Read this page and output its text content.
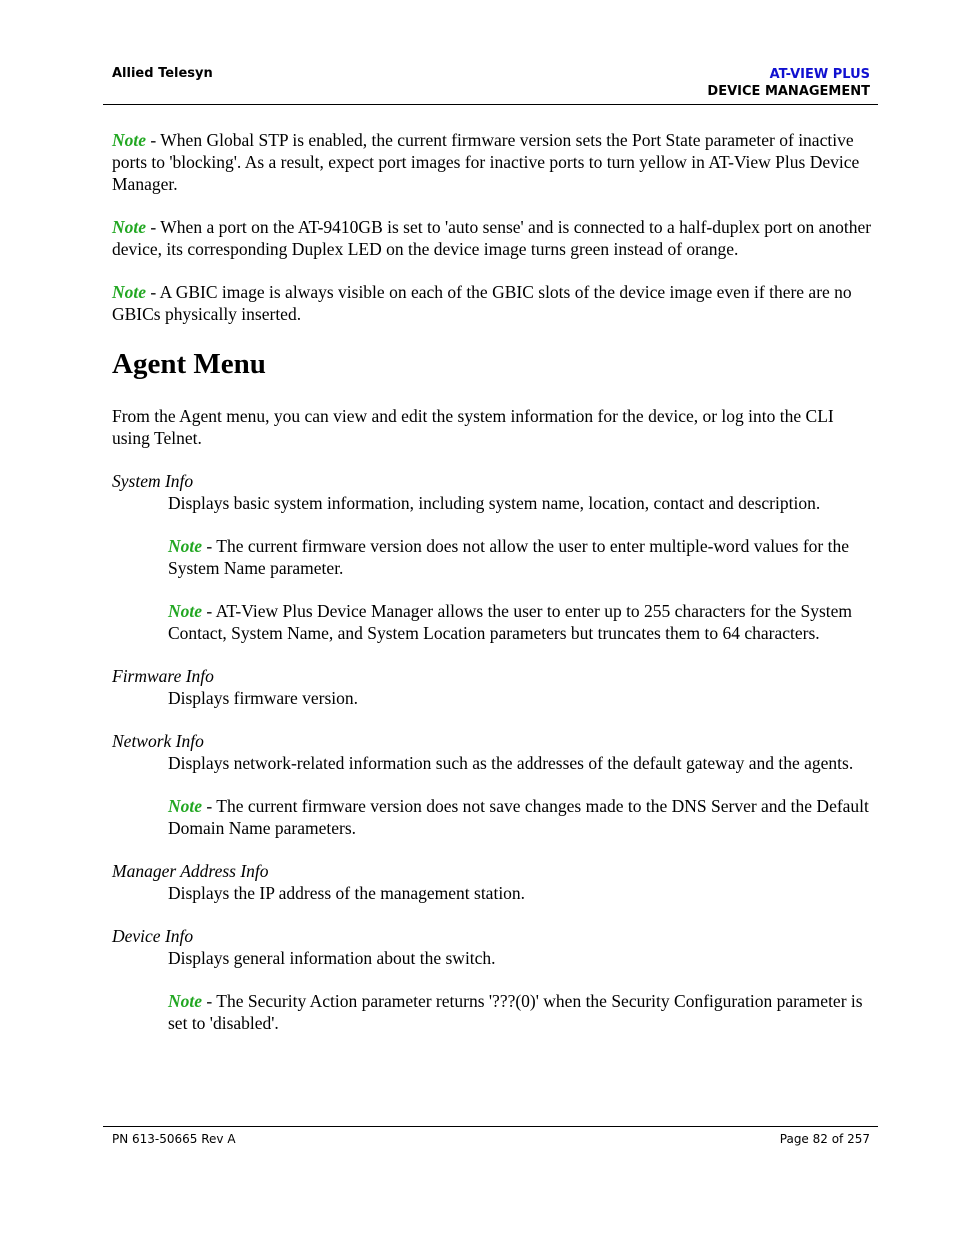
Allied Telesyn	AT-VIEW PLUS
DEVICE MANAGEMENT

Note - When Global STP is enabled, the current firmware version sets the Port State parameter of inactive ports to 'blocking'. As a result, expect port images for inactive ports to turn yellow in AT-View Plus Device Manager.

Note - When a port on the AT-9410GB is set to 'auto sense' and is connected to a half-duplex port on another device, its corresponding Duplex LED on the device image turns green instead of orange.

Note - A GBIC image is always visible on each of the GBIC slots of the device image even if there are no GBICs physically inserted.

Agent Menu

From the Agent menu, you can view and edit the system information for the device, or log into the CLI using Telnet.

System Info

Displays basic system information, including system name, location, contact and description.

Note - The current firmware version does not allow the user to enter multiple-word values for the System Name parameter.

Note - AT-View Plus Device Manager allows the user to enter up to 255 characters for the System Contact, System Name, and System Location parameters but truncates them to 64 characters.

Firmware Info

Displays firmware version.

Network Info

Displays network-related information such as the addresses of the default gateway and the agents.

Note - The current firmware version does not save changes made to the DNS Server and the Default Domain Name parameters.

Manager Address Info

Displays the IP address of the management station.

Device Info

Displays general information about the switch.

Note - The Security Action parameter returns '???(0)' when the Security Configuration parameter is set to 'disabled'.

PN 613-50665 Rev A	Page 82 of 257
